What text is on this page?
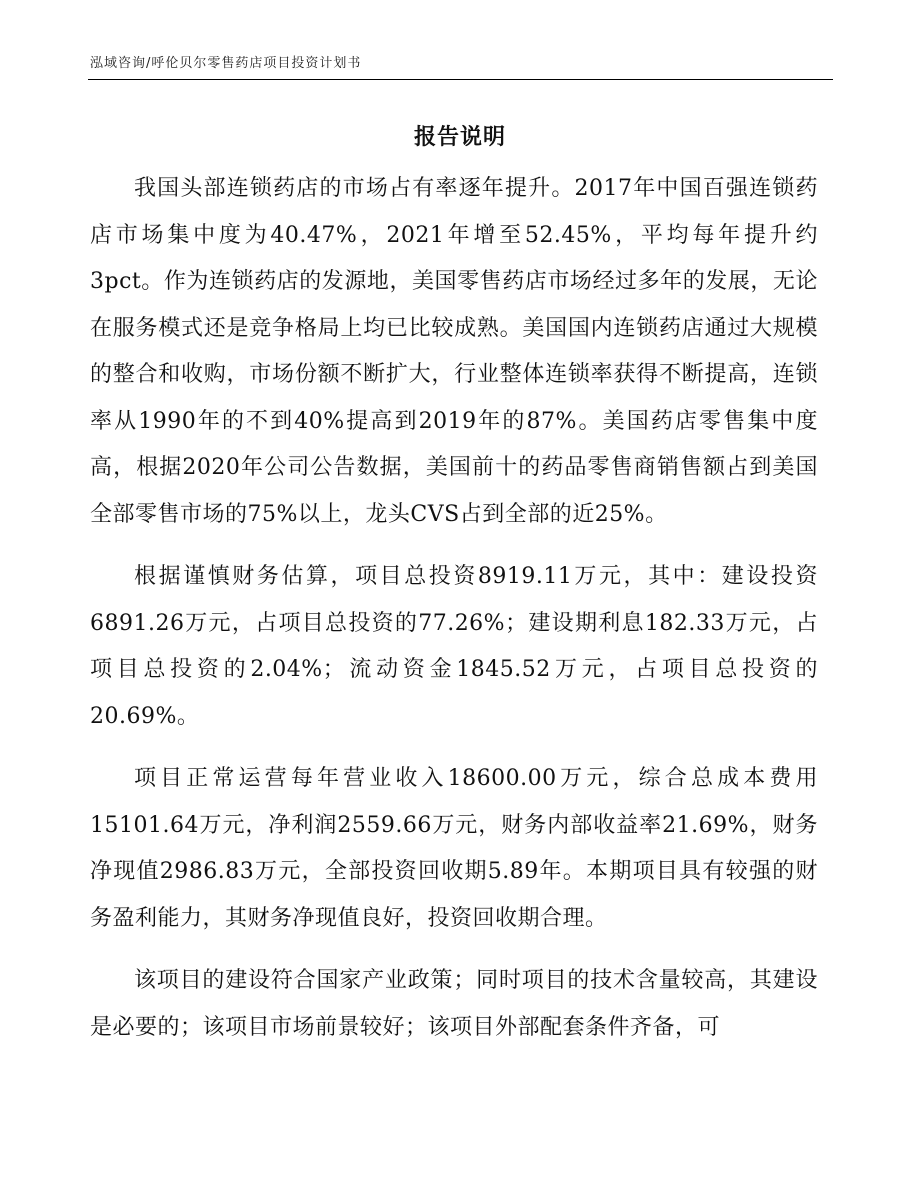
泓域咨询/呼伦贝尔零售药店项目投资计划书
报告说明

我国头部连锁药店的市场占有率逐年提升。2017年中国百强连锁药店市场集中度为40.47%，2021年增至52.45%，平均每年提升约3pct。作为连锁药店的发源地，美国零售药店市场经过多年的发展，无论在服务模式还是竞争格局上均已比较成熟。美国国内连锁药店通过大规模的整合和收购，市场份额不断扩大，行业整体连锁率获得不断提高，连锁率从1990年的不到40%提高到2019年的87%。美国药店零售集中度高，根据2020年公司公告数据，美国前十的药品零售商销售额占到美国全部零售市场的75%以上，龙头CVS占到全部的近25%。

根据谨慎财务估算，项目总投资8919.11万元，其中：建设投资6891.26万元，占项目总投资的77.26%；建设期利息182.33万元，占项目总投资的2.04%；流动资金1845.52万元，占项目总投资的20.69%。

项目正常运营每年营业收入18600.00万元，综合总成本费用15101.64万元，净利润2559.66万元，财务内部收益率21.69%，财务净现值2986.83万元，全部投资回收期5.89年。本期项目具有较强的财务盈利能力，其财务净现值良好，投资回收期合理。

该项目的建设符合国家产业政策；同时项目的技术含量较高，其建设是必要的；该项目市场前景较好；该项目外部配套条件齐备，可
